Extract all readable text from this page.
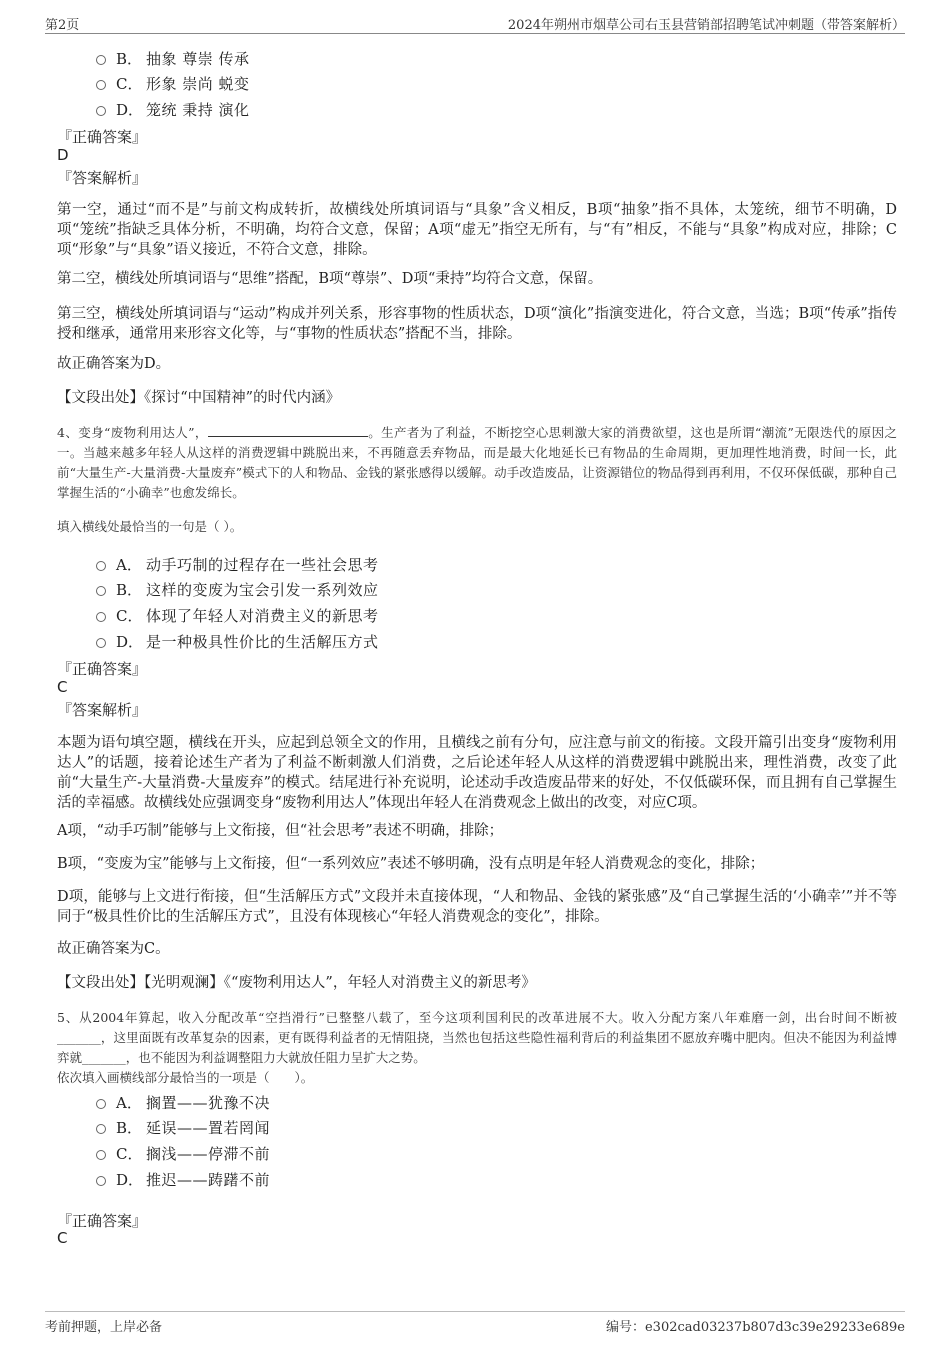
第2页	2024年朔州市烟草公司右玉县营销部招聘笔试冲刺题（带答案解析）
B． 抽象 尊崇 传承
C． 形象 崇尚 蜕变
D． 笼统 秉持 演化
『正确答案』
D
『答案解析』
第一空，通过“而不是”与前文构成转折，故横线处所填词语与“具象”含义相反，B项“抽象”指不具体，太笼统，细节不明确，D项“笼统”指缺乏具体分析，不明确，均符合文意，保留；A项“虚无”指空无所有，与“有”相反，不能与“具象”构成对应，排除；C项“形象”与“具象”语义接近，不符合文意，排除。
第二空，横线处所填词语与“思维”搭配，B项“尊崇”、D项“秉持”均符合文意，保留。
第三空，横线处所填词语与“运动”构成并列关系，形容事物的性质状态，D项“演化”指演变进化，符合文意，当选；B项“传承”指传授和继承，通常用来形容文化等，与“事物的性质状态”搭配不当，排除。
故正确答案为D。
【文段出处】《探讨“中国精神”的时代内涵》
4、变身“废物利用达人”，	。生产者为了利益，不断挖空心思刺激大家的消费欲望，这也是所谓“潮流”无限迭代的原因之一。当越来越多年轻人从这样的消费逻辑中跳脱出来，不再随意丢弃物品，而是最大化地延长已有物品的生命周期，更加理性地消费，时间一长，此前“大量生产-大量消费-大量废弃”模式下的人和物品、金钱的紧张感得以缓解。动手改造废品，让资源错位的物品得到再利用，不仅环保低碳，那种自己掌握生活的“小确幸”也愈发绵长。
填入横线处最恰当的一句是（ ）。
A． 动手巧制的过程存在一些社会思考
B． 这样的变废为宝会引发一系列效应
C． 体现了年轻人对消费主义的新思考
D． 是一种极具性价比的生活解压方式
『正确答案』
C
『答案解析』
本题为语句填空题，横线在开头，应起到总领全文的作用，且横线之前有分句，应注意与前文的衔接。文段开篇引出变身“废物利用达人”的话题，接着论述生产者为了利益不断刺激人们消费，之后论述年轻人从这样的消费逻辑中跳脱出来，理性消费，改变了此前“大量生产-大量消费-大量废弃”的模式。结尾进行补充说明，论述动手改造废品带来的好处，不仅低碳环保，而且拥有自己掌握生活的幸福感。故横线处应强调变身“废物利用达人”体现出年轻人在消费观念上做出的改变，对应C项。
A项，“动手巧制”能够与上文衔接，但“社会思考”表述不明确，排除；
B项，“变废为宝”能够与上文衔接，但“一系列效应”表述不够明确，没有点明是年轻人消费观念的变化，排除；
D项，能够与上文进行衔接，但“生活解压方式”文段并未直接体现，“人和物品、金钱的紧张感”及“自己掌握生活的‘小确幸’”并不等同于“极具性价比的生活解压方式”，且没有体现核心“年轻人消费观念的变化”，排除。
故正确答案为C。
【文段出处】【光明观澜】《“废物利用达人”，年轻人对消费主义的新思考》
5、从2004年算起，收入分配改革“空挡滑行”已整整八载了，至今这项利国利民的改革进展不大。收入分配方案八年难磨一剑，出台时间不断被_______，这里面既有改革复杂的因素，更有既得利益者的无情阻挠，当然也包括这些隐性福利背后的利益集团不愿放弃嘴中肥肉。但决不能因为利益博弈就_______，也不能因为利益调整阻力大就放任阻力呈扩大之势。
依次填入画横线部分最恰当的一项是（　　）。
A． 搁置——犹豫不决
B． 延误——置若罔闻
C． 搁浅——停滞不前
D． 推迟——踌躇不前
『正确答案』
C
考前押题，上岸必备	编号：e302cad03237b807d3c39e29233e689e
